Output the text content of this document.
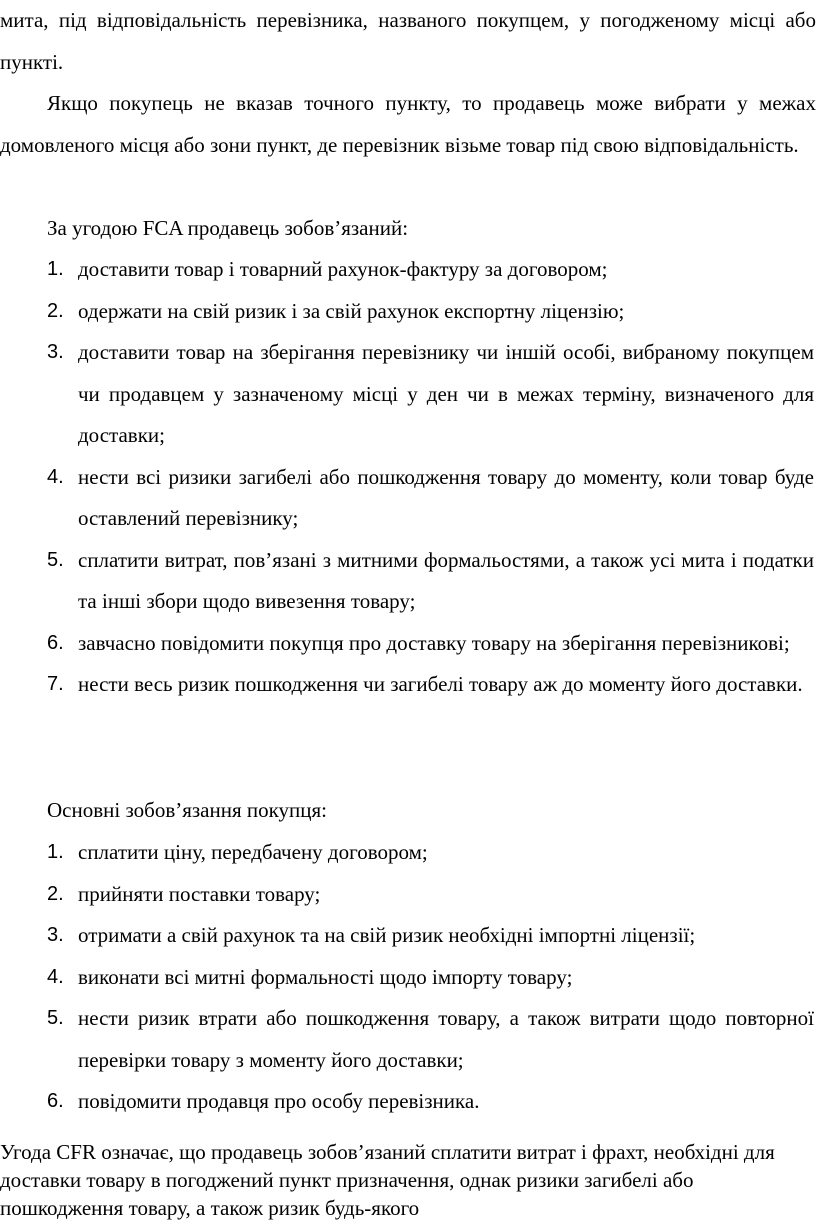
мита, під відповідальність перевізника, названого покупцем, у погодженому місці або пункті.

Якщо покупець не вказав точного пункту, то продавець може вибрати у межах домовленого місця або зони пункт, де перевізник візьме товар під свою відповідальність.

За угодою FCA продавець зобов’язаний:

1. доставити товар і товарний рахунок-фактуру за договором;
2. одержати на свій ризик і за свій рахунок експортну ліцензію;
3. доставити товар на зберігання перевізнику чи іншій особі, вибраному покупцем чи продавцем у зазначеному місці у ден чи в межах терміну, визначеного для доставки;
4. нести всі ризики загибелі або пошкодження товару до моменту, коли товар буде оставлений перевізнику;
5. сплатити витрат, пов’язані з митними формальостями, а також усі мита і податки та інші збори щодо вивезення товару;
6. завчасно повідомити покупця про доставку товару на зберігання перевізникові;
7. нести весь ризик пошкодження чи загибелі товару аж до моменту його доставки.

Основні зобов’язання покупця:

1. сплатити ціну, передбачену договором;
2. прийняти поставки товару;
3. отримати а свій рахунок та на свій ризик необхідні імпортні ліцензії;
4. виконати всі митні формальності щодо імпорту товару;
5. нести ризик втрати або пошкодження товару, а також витрати щодо повторної перевірки товару з моменту його доставки;
6. повідомити продавця про особу перевізника.

Угода CFR означає, що продавець зобов’язаний сплатити витрат і фрахт, необхідні для доставки товару в погоджений пункт призначення, однак ризики загибелі або пошкодження товару, а також ризик будь-якого
